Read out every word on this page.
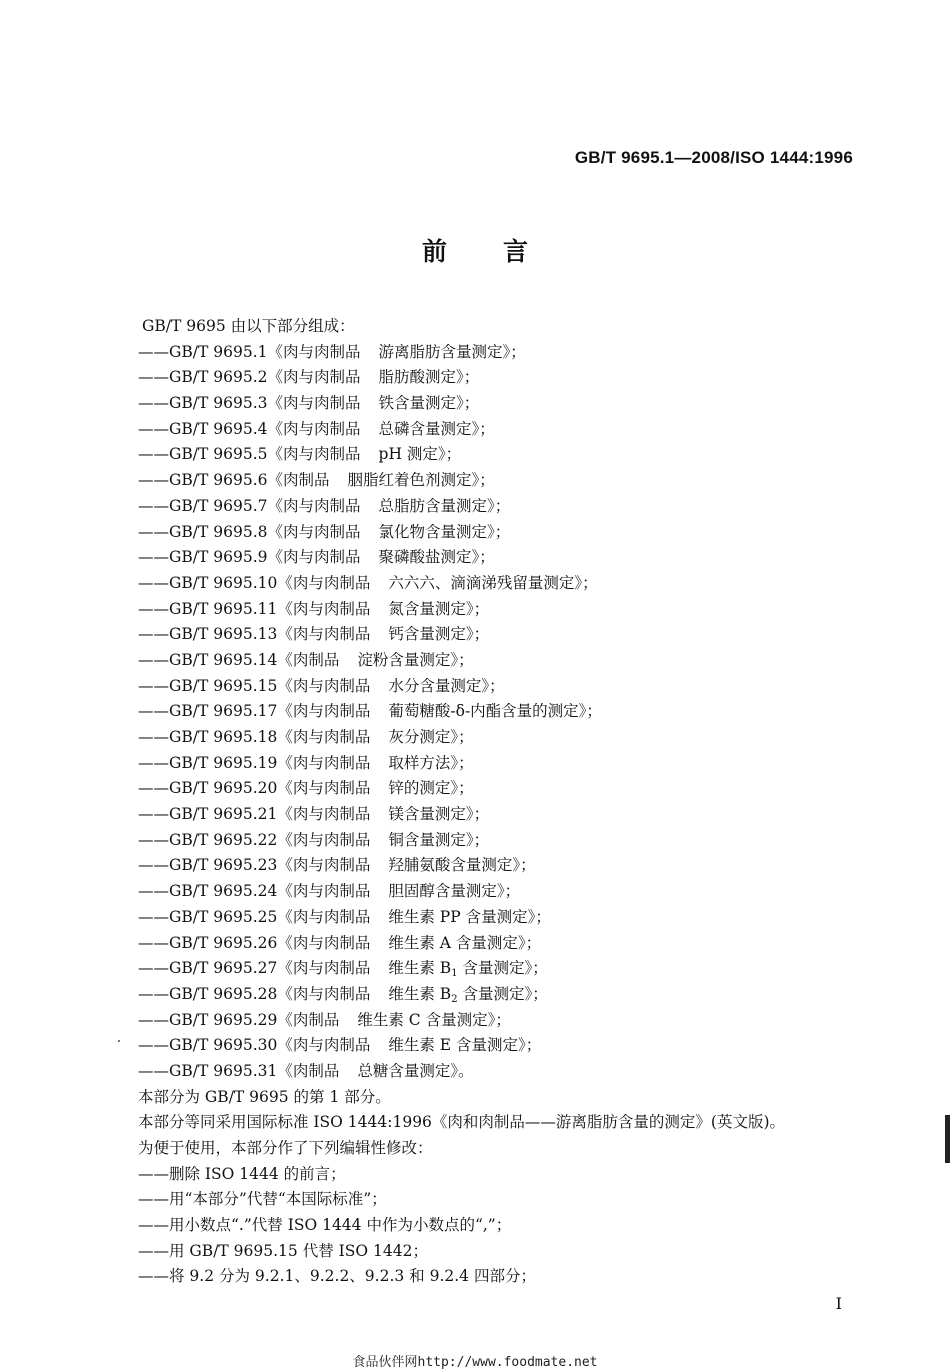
GB/T 9695.1—2008/ISO 1444:1996
前 言
GB/T 9695 由以下部分组成：
——GB/T 9695.1《肉与肉制品 游离脂肪含量测定》；
——GB/T 9695.2《肉与肉制品 脂肪酸测定》；
——GB/T 9695.3《肉与肉制品 铁含量测定》；
——GB/T 9695.4《肉与肉制品 总磷含量测定》；
——GB/T 9695.5《肉与肉制品 pH 测定》；
——GB/T 9695.6《肉制品 胭脂红着色剂测定》；
——GB/T 9695.7《肉与肉制品 总脂肪含量测定》；
——GB/T 9695.8《肉与肉制品 氯化物含量测定》；
——GB/T 9695.9《肉与肉制品 聚磷酸盐测定》；
——GB/T 9695.10《肉与肉制品 六六六、滴滴涕残留量测定》；
——GB/T 9695.11《肉与肉制品 氮含量测定》；
——GB/T 9695.13《肉与肉制品 钙含量测定》；
——GB/T 9695.14《肉制品 淀粉含量测定》；
——GB/T 9695.15《肉与肉制品 水分含量测定》；
——GB/T 9695.17《肉与肉制品 葡萄糖酸-δ-内酯含量的测定》；
——GB/T 9695.18《肉与肉制品 灰分测定》；
——GB/T 9695.19《肉与肉制品 取样方法》；
——GB/T 9695.20《肉与肉制品 锌的测定》；
——GB/T 9695.21《肉与肉制品 镁含量测定》；
——GB/T 9695.22《肉与肉制品 铜含量测定》；
——GB/T 9695.23《肉与肉制品 羟脯氨酸含量测定》；
——GB/T 9695.24《肉与肉制品 胆固醇含量测定》；
——GB/T 9695.25《肉与肉制品 维生素 PP 含量测定》；
——GB/T 9695.26《肉与肉制品 维生素 A 含量测定》；
——GB/T 9695.27《肉与肉制品 维生素 $B_1$ 含量测定》；
——GB/T 9695.28《肉与肉制品 维生素 $B_2$ 含量测定》；
——GB/T 9695.29《肉制品 维生素 C 含量测定》；
——GB/T 9695.30《肉与肉制品 维生素 E 含量测定》；
——GB/T 9695.31《肉制品 总糖含量测定》。
本部分为 GB/T 9695 的第 1 部分。
本部分等同采用国际标准 ISO 1444:1996《肉和肉制品——游离脂肪含量的测定》(英文版)。
为便于使用，本部分作了下列编辑性修改：
——删除 ISO 1444 的前言；
——用“本部分”代替“本国际标准”；
——用小数点“.”代替 ISO 1444 中作为小数点的“,”；
——用 GB/T 9695.15 代替 ISO 1442；
——将 9.2 分为 9.2.1、9.2.2、9.2.3 和 9.2.4 四部分；
I
食品伙伴网http://www.foodmate.net
